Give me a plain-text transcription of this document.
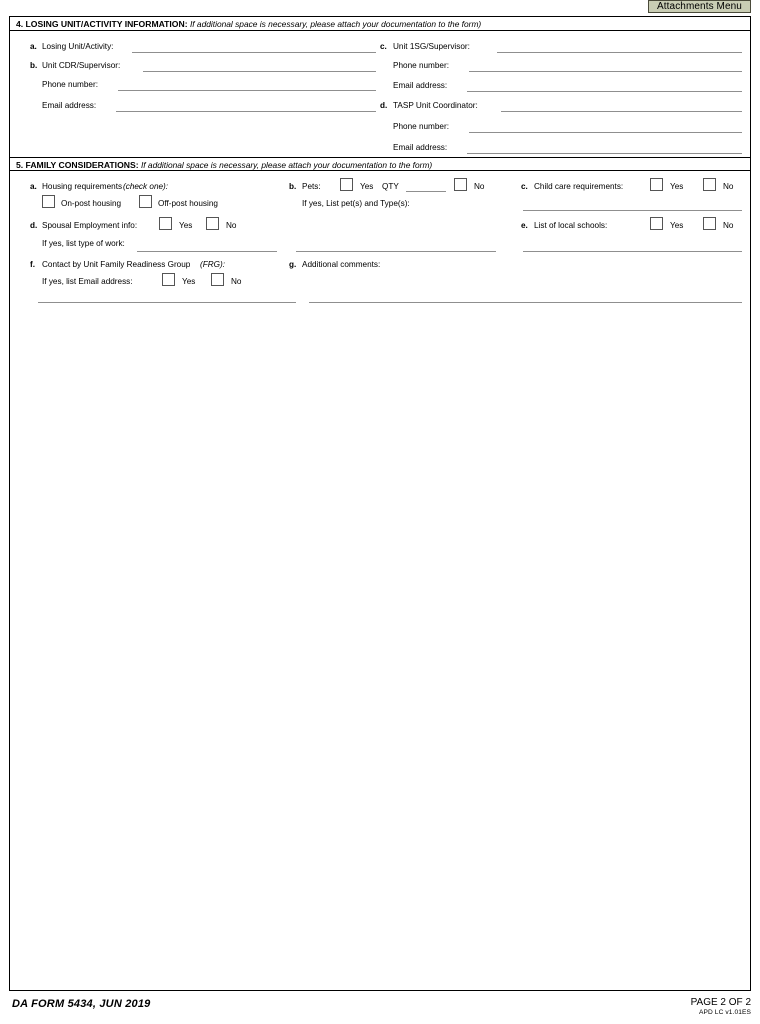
Attachments Menu
4. LOSING UNIT/ACTIVITY INFORMATION: If additional space is necessary, please attach your documentation to the form)
a. Losing Unit/Activity:
b. Unit CDR/Supervisor:
Phone number:
Email address:
c. Unit 1SG/Supervisor:
Phone number:
Email address:
d. TASP Unit Coordinator:
Phone number:
Email address:
5. FAMILY CONSIDERATIONS: If additional space is necessary, please attach your documentation to the form)
a. Housing requirements (check one):
On-post housing	Off-post housing
b. Pets:	Yes QTY	No
If yes, List pet(s) and Type(s):
c. Child care requirements:	Yes	No
d. Spousal Employment info:	Yes	No
If yes, list type of work:
e. List of local schools:	Yes	No
f. Contact by Unit Family Readiness Group (FRG):
If yes, list Email address:	Yes	No
g. Additional comments:
DA FORM 5434, JUN 2019	PAGE 2 OF 2
APD LC v1.01ES
